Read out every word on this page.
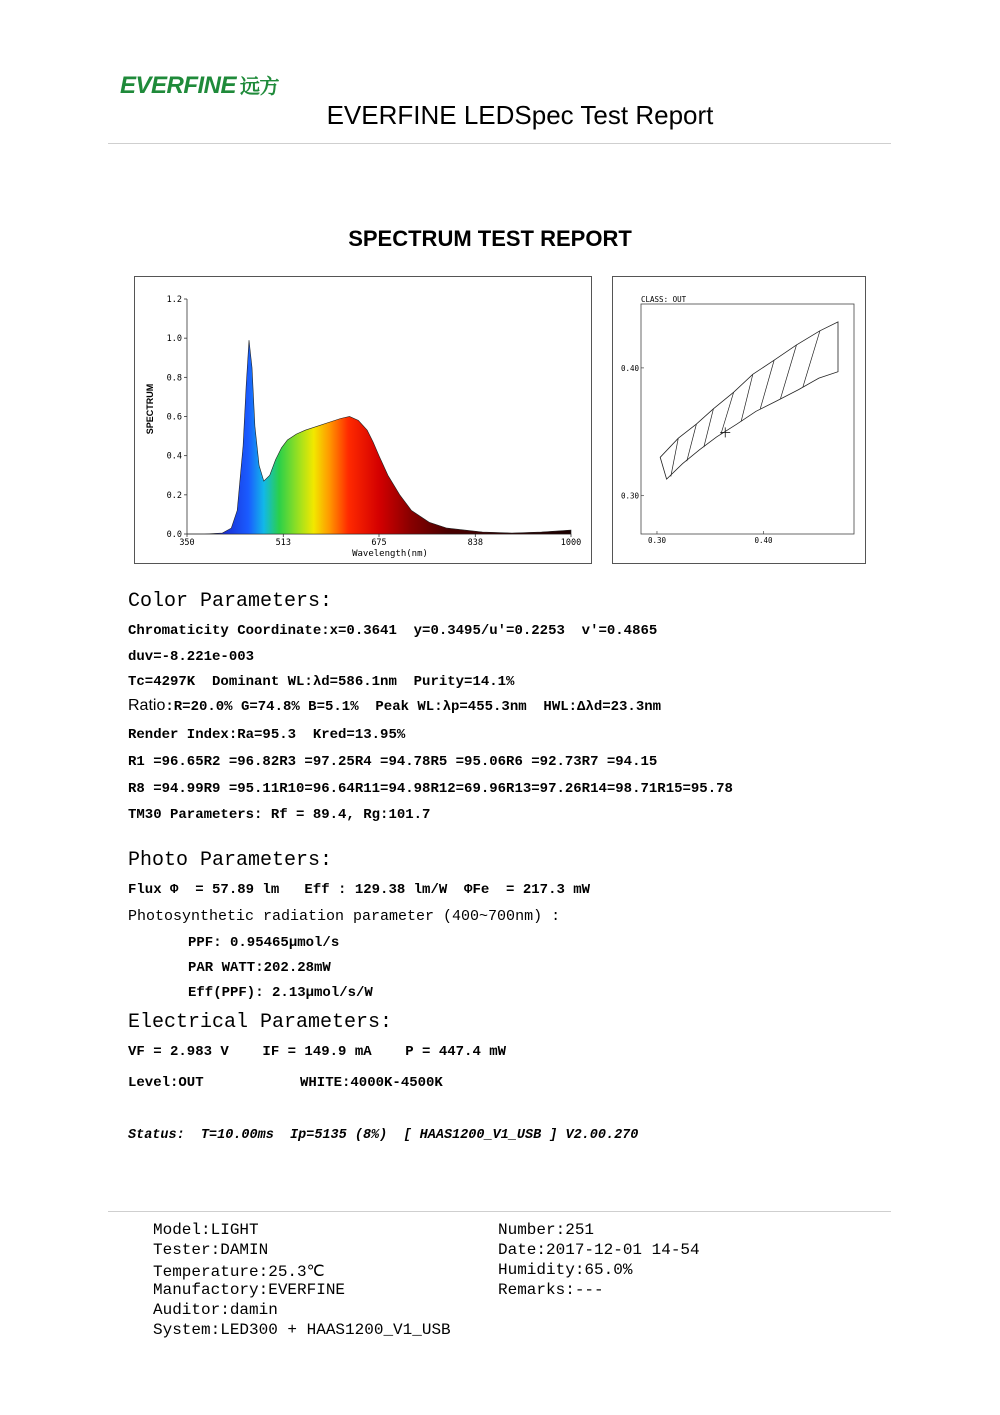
EVERFINE 远方
EVERFINE LEDSpec Test Report
SPECTRUM TEST REPORT
0.0
0.2
0.4
0.6
0.8
1.0
1.2
350	513	675	838	1000
SPECTRUM
Wavelength(nm)
CLASS: OUT
0.30	0.40
0.40
0.30
Color Parameters:
Chromaticity Coordinate:x=0.3641  y=0.3495/u'=0.2253  v'=0.4865
duv=-8.221e-003
Tc=4297K  Dominant WL:λd=586.1nm  Purity=14.1%
Ratio:R=20.0% G=74.8% B=5.1%  Peak WL:λp=455.3nm  HWL:Δλd=23.3nm
Render Index:Ra=95.3  Kred=13.95%
R1 =96.65R2 =96.82R3 =97.25R4 =94.78R5 =95.06R6 =92.73R7 =94.15
R8 =94.99R9 =95.11R10=96.64R11=94.98R12=69.96R13=97.26R14=98.71R15=95.78
TM30 Parameters: Rf = 89.4, Rg:101.7
Photo Parameters:
Flux Φ  = 57.89 lm   Eff : 129.38 lm/W  ΦFe  = 217.3 mW
Photosynthetic radiation parameter (400~700nm) :
PPF: 0.95465μmol/s
PAR WATT:202.28mW
Eff(PPF): 2.13μmol/s/W
Electrical Parameters:
VF = 2.983 V    IF = 149.9 mA    P = 447.4 mW
Level:OUT	WHITE:4000K-4500K
Status:  T=10.00ms  Ip=5135 (8%)  [ HAAS1200_V1_USB ] V2.00.270
Model:LIGHT
Tester:DAMIN
Temperature:25.3℃
Manufactory:EVERFINE
Auditor:damin
System:LED300 + HAAS1200_V1_USB
Number:251
Date:2017-12-01 14-54
Humidity:65.0%
Remarks:---
